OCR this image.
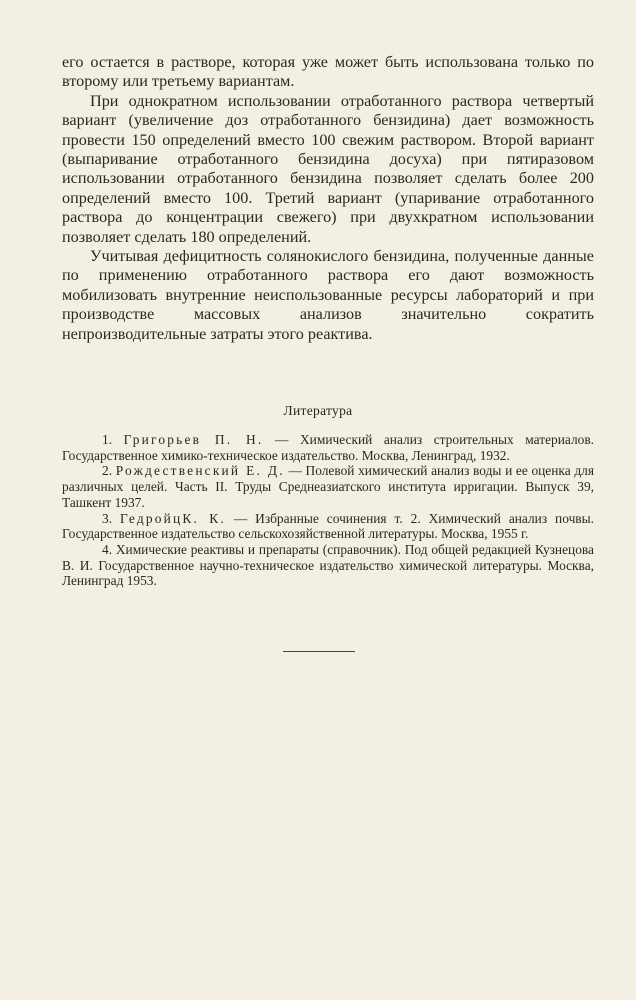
его остается в растворе, которая уже может быть использована только по второму или третьему вариантам.

При однократном использовании отработанного раствора четвертый вариант (увеличение доз отработанного бензидина) дает возможность провести 150 определений вместо 100 свежим раствором. Второй вариант (выпаривание отработанного бензидина досуха) при пятиразовом использовании отработанного бензидина позволяет сделать более 200 определений вместо 100. Третий вариант (упаривание отработанного раствора до концентрации свежего) при двухкратном использовании позволяет сделать 180 определений.

Учитывая дефицитность солянокислого бензидина, полученные данные по применению отработанного раствора его дают возможность мобилизовать внутренние неиспользованные ресурсы лабораторий и при производстве массовых анализов значительно сократить непроизводительные затраты этого реактива.

Литература

1. Григорьев П. Н. — Химический анализ строительных материалов. Государственное химико-техническое издательство. Москва, Ленинград, 1932.

2. Рождественский Е. Д. — Полевой химический анализ воды и ее оценка для различных целей. Часть II. Труды Среднеазиатского института ирригации. Выпуск 39, Ташкент 1937.

3. ГедройцК. К. — Избранные сочинения т. 2. Химический анализ почвы. Государственное издательство сельскохозяйственной литературы. Москва, 1955 г.

4. Химические реактивы и препараты (справочник). Под общей редакцией Кузнецова В. И. Государственное научно-техническое издательство химической литературы. Москва, Ленинград 1953.
